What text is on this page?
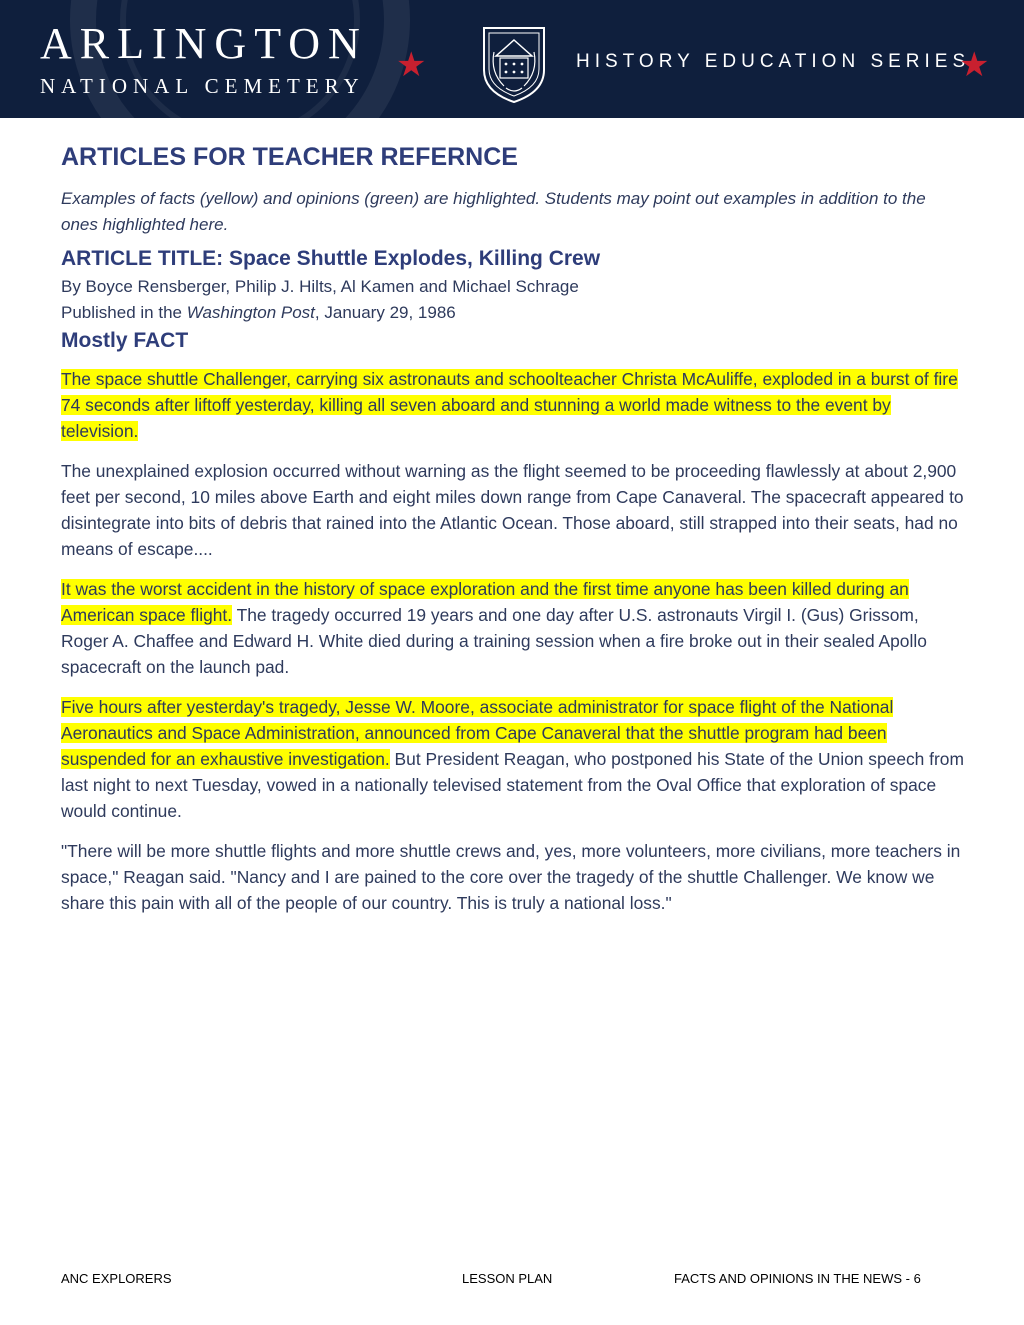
ARLINGTON
NATIONAL CEMETERY
★	HISTORY EDUCATION SERIES
★
ARTICLES FOR TEACHER REFERNCE

Examples of facts (yellow) and opinions (green) are highlighted. Students may point out examples in addition to the ones highlighted here.

ARTICLE TITLE: Space Shuttle Explodes, Killing Crew

By Boyce Rensberger, Philip J. Hilts, Al Kamen and Michael Schrage

Published in the Washington Post, January 29, 1986

Mostly FACT

The space shuttle Challenger, carrying six astronauts and schoolteacher Christa McAuliffe, exploded in a burst of fire 74 seconds after liftoff yesterday, killing all seven aboard and stunning a world made witness to the event by television.

The unexplained explosion occurred without warning as the flight seemed to be proceeding flawlessly at about 2,900 feet per second, 10 miles above Earth and eight miles down range from Cape Canaveral. The spacecraft appeared to disintegrate into bits of debris that rained into the Atlantic Ocean. Those aboard, still strapped into their seats, had no means of escape....

It was the worst accident in the history of space exploration and the first time anyone has been killed during an American space flight. The tragedy occurred 19 years and one day after U.S. astronauts Virgil I. (Gus) Grissom, Roger A. Chaffee and Edward H. White died during a training session when a fire broke out in their sealed Apollo spacecraft on the launch pad.

Five hours after yesterday's tragedy, Jesse W. Moore, associate administrator for space flight of the National Aeronautics and Space Administration, announced from Cape Canaveral that the shuttle program had been suspended for an exhaustive investigation. But President Reagan, who postponed his State of the Union speech from last night to next Tuesday, vowed in a nationally televised statement from the Oval Office that exploration of space would continue.

"There will be more shuttle flights and more shuttle crews and, yes, more volunteers, more civilians, more teachers in space," Reagan said. "Nancy and I are pained to the core over the tragedy of the shuttle Challenger. We know we share this pain with all of the people of our country. This is truly a national loss."

ANC EXPLORERS	LESSON PLAN	FACTS AND OPINIONS IN THE NEWS - 6
